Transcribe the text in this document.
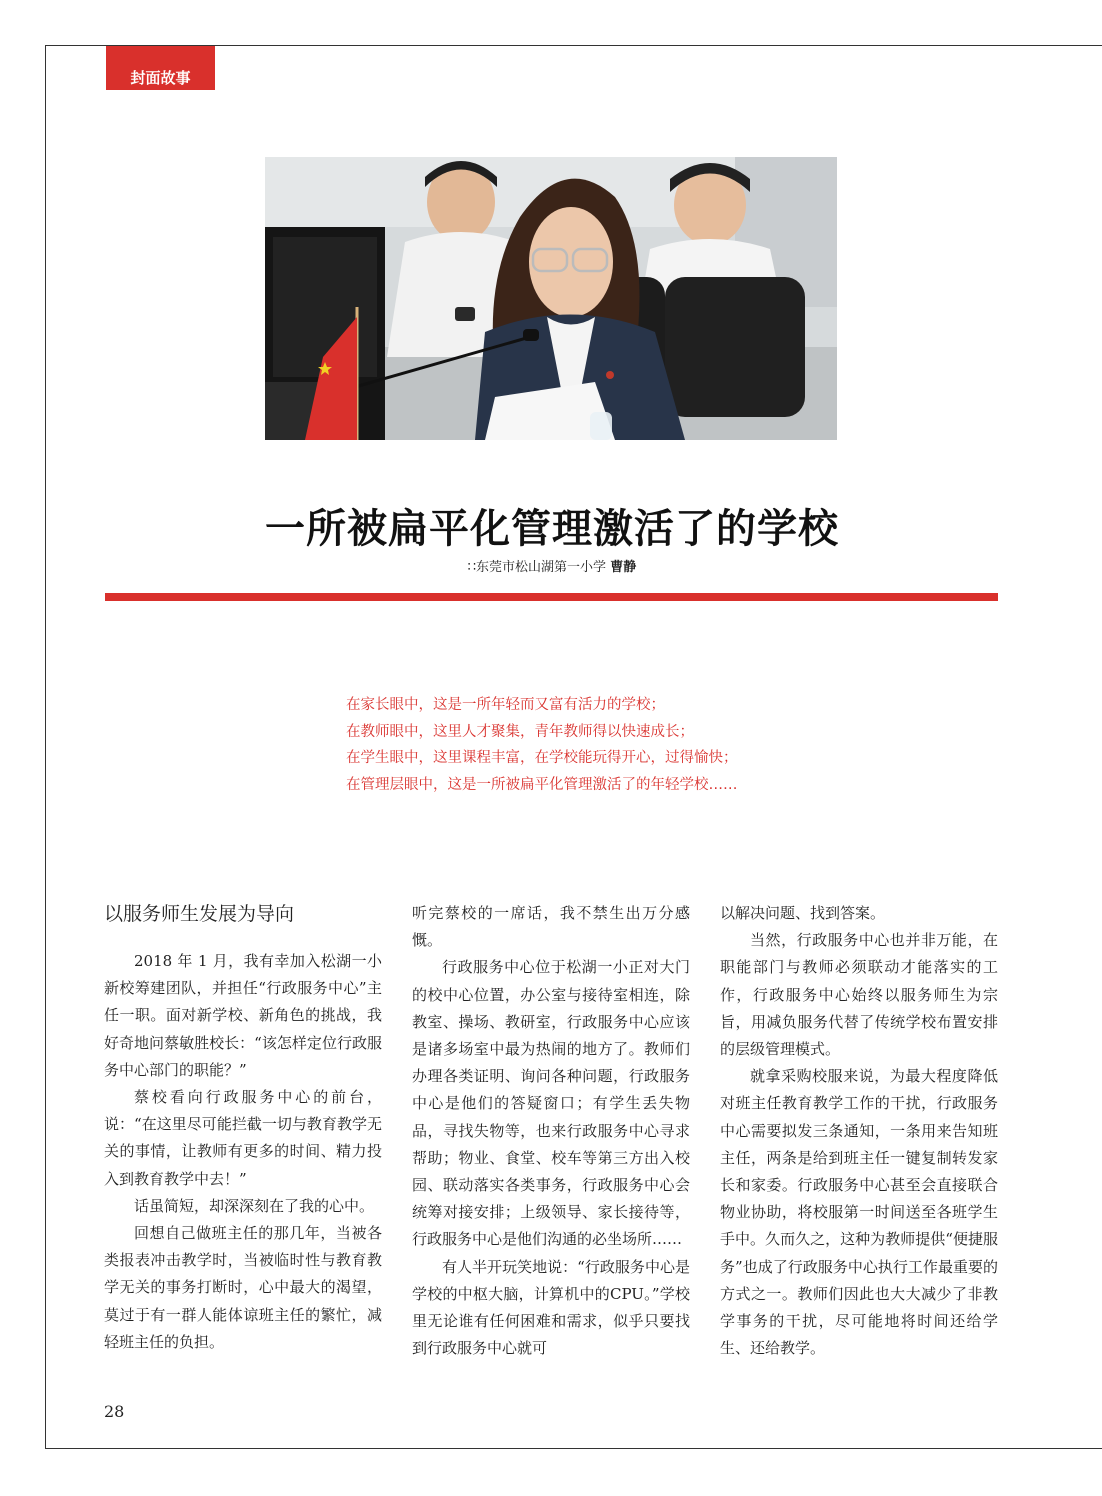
封面故事
一所被扁平化管理激活了的学校
∷东莞市松山湖第一小学 曹静

在家长眼中，这是一所年轻而又富有活力的学校；

在教师眼中，这里人才聚集，青年教师得以快速成长；

在学生眼中，这里课程丰富，在学校能玩得开心，过得愉快；

在管理层眼中，这是一所被扁平化管理激活了的年轻学校……

以服务师生发展为导向

2018 年 1 月，我有幸加入松湖一小新校筹建团队，并担任“行政服务中心”主任一职。面对新学校、新角色的挑战，我好奇地问蔡敏胜校长：“该怎样定位行政服务中心部门的职能？”

蔡校看向行政服务中心的前台，说：“在这里尽可能拦截一切与教育教学无关的事情，让教师有更多的时间、精力投入到教育教学中去！”

话虽简短，却深深刻在了我的心中。

回想自己做班主任的那几年，当被各类报表冲击教学时，当被临时性与教育教学无关的事务打断时，心中最大的渴望，莫过于有一群人能体谅班主任的繁忙，减轻班主任的负担。

听完蔡校的一席话，我不禁生出万分感慨。

行政服务中心位于松湖一小正对大门的校中心位置，办公室与接待室相连，除教室、操场、教研室，行政服务中心应该是诸多场室中最为热闹的地方了。教师们办理各类证明、询问各种问题，行政服务中心是他们的答疑窗口；有学生丢失物品，寻找失物等，也来行政服务中心寻求帮助；物业、食堂、校车等第三方出入校园、联动落实各类事务，行政服务中心会统筹对接安排；上级领导、家长接待等，行政服务中心是他们沟通的必坐场所……

有人半开玩笑地说：“行政服务中心是学校的中枢大脑，计算机中的CPU。”学校里无论谁有任何困难和需求，似乎只要找到行政服务中心就可

以解决问题、找到答案。

当然，行政服务中心也并非万能，在职能部门与教师必须联动才能落实的工作，行政服务中心始终以服务师生为宗旨，用减负服务代替了传统学校布置安排的层级管理模式。

就拿采购校服来说，为最大程度降低对班主任教育教学工作的干扰，行政服务中心需要拟发三条通知，一条用来告知班主任，两条是给到班主任一键复制转发家长和家委。行政服务中心甚至会直接联合物业协助，将校服第一时间送至各班学生手中。久而久之，这种为教师提供“便捷服务”也成了行政服务中心执行工作最重要的方式之一。教师们因此也大大减少了非教学事务的干扰，尽可能地将时间还给学生、还给教学。

28
